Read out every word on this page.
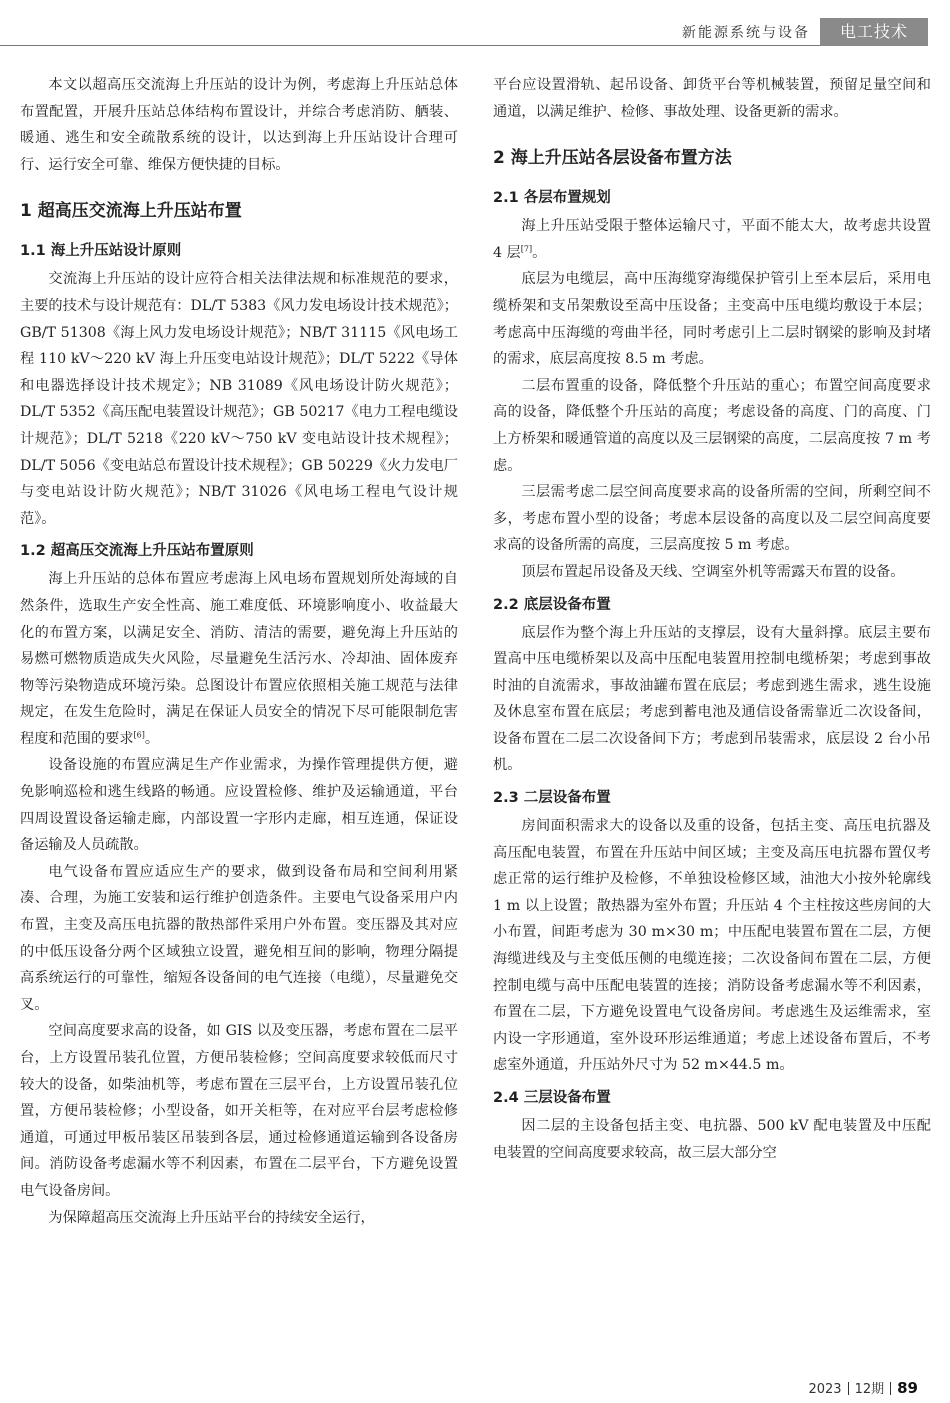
新能源系统与设备	电工技术

本文以超高压交流海上升压站的设计为例，考虑海上升压站总体布置配置，开展升压站总体结构布置设计，并综合考虑消防、舾装、暖通、逃生和安全疏散系统的设计，以达到海上升压站设计合理可行、运行安全可靠、维保方便快捷的目标。

1 超高压交流海上升压站布置
1.1 海上升压站设计原则

交流海上升压站的设计应符合相关法律法规和标准规范的要求，主要的技术与设计规范有：DL/T 5383《风力发电场设计技术规范》；GB/T 51308《海上风力发电场设计规范》；NB/T 31115《风电场工程 110 kV～220 kV 海上升压变电站设计规范》；DL/T 5222《导体和电器选择设计技术规定》；NB 31089《风电场设计防火规范》；DL/T 5352《高压配电装置设计规范》；GB 50217《电力工程电缆设计规范》；DL/T 5218《220 kV～750 kV 变电站设计技术规程》；DL/T 5056《变电站总布置设计技术规程》；GB 50229《火力发电厂与变电站设计防火规范》；NB/T 31026《风电场工程电气设计规范》。

1.2 超高压交流海上升压站布置原则

海上升压站的总体布置应考虑海上风电场布置规划所处海域的自然条件，选取生产安全性高、施工难度低、环境影响度小、收益最大化的布置方案，以满足安全、消防、清洁的需要，避免海上升压站的易燃可燃物质造成失火风险，尽量避免生活污水、冷却油、固体废弃物等污染物造成环境污染。总图设计布置应依照相关施工规范与法律规定，在发生危险时，满足在保证人员安全的情况下尽可能限制危害程度和范围的要求[6]。

设备设施的布置应满足生产作业需求，为操作管理提供方便，避免影响巡检和逃生线路的畅通。应设置检修、维护及运输通道，平台四周设置设备运输走廊，内部设置一字形内走廊，相互连通，保证设备运输及人员疏散。

电气设备布置应适应生产的要求，做到设备布局和空间利用紧凑、合理，为施工安装和运行维护创造条件。主要电气设备采用户内布置，主变及高压电抗器的散热部件采用户外布置。变压器及其对应的中低压设备分两个区域独立设置，避免相互间的影响，物理分隔提高系统运行的可靠性，缩短各设备间的电气连接（电缆），尽量避免交叉。

空间高度要求高的设备，如 GIS 以及变压器，考虑布置在二层平台，上方设置吊装孔位置，方便吊装检修；空间高度要求较低而尺寸较大的设备，如柴油机等，考虑布置在三层平台，上方设置吊装孔位置，方便吊装检修；小型设备，如开关柜等，在对应平台层考虑检修通道，可通过甲板吊装区吊装到各层，通过检修通道运输到各设备房间。消防设备考虑漏水等不利因素，布置在二层平台，下方避免设置电气设备房间。

为保障超高压交流海上升压站平台的持续安全运行，

平台应设置滑轨、起吊设备、卸货平台等机械装置，预留足量空间和通道，以满足维护、检修、事故处理、设备更新的需求。

2 海上升压站各层设备布置方法
2.1 各层布置规划

海上升压站受限于整体运输尺寸，平面不能太大，故考虑共设置 4 层[7]。

底层为电缆层，高中压海缆穿海缆保护管引上至本层后，采用电缆桥架和支吊架敷设至高中压设备；主变高中压电缆均敷设于本层；考虑高中压海缆的弯曲半径，同时考虑引上二层时钢梁的影响及封堵的需求，底层高度按 8.5 m 考虑。

二层布置重的设备，降低整个升压站的重心；布置空间高度要求高的设备，降低整个升压站的高度；考虑设备的高度、门的高度、门上方桥架和暖通管道的高度以及三层钢梁的高度，二层高度按 7 m 考虑。

三层需考虑二层空间高度要求高的设备所需的空间，所剩空间不多，考虑布置小型的设备；考虑本层设备的高度以及二层空间高度要求高的设备所需的高度，三层高度按 5 m 考虑。

顶层布置起吊设备及天线、空调室外机等需露天布置的设备。

2.2 底层设备布置

底层作为整个海上升压站的支撑层，设有大量斜撑。底层主要布置高中压电缆桥架以及高中压配电装置用控制电缆桥架；考虑到事故时油的自流需求，事故油罐布置在底层；考虑到逃生需求，逃生设施及休息室布置在底层；考虑到蓄电池及通信设备需靠近二次设备间，设备布置在二层二次设备间下方；考虑到吊装需求，底层设 2 台小吊机。

2.3 二层设备布置

房间面积需求大的设备以及重的设备，包括主变、高压电抗器及高压配电装置，布置在升压站中间区域；主变及高压电抗器布置仅考虑正常的运行维护及检修，不单独设检修区域，油池大小按外轮廓线 1 m 以上设置；散热器为室外布置；升压站 4 个主柱按这些房间的大小布置，间距考虑为 30 m×30 m；中压配电装置布置在二层，方便海缆进线及与主变低压侧的电缆连接；二次设备间布置在二层，方便控制电缆与高中压配电装置的连接；消防设备考虑漏水等不利因素，布置在二层，下方避免设置电气设备房间。考虑逃生及运维需求，室内设一字形通道，室外设环形运维通道；考虑上述设备布置后，不考虑室外通道，升压站外尺寸为 52 m×44.5 m。

2.4 三层设备布置

因二层的主设备包括主变、电抗器、500 kV 配电装置及中压配电装置的空间高度要求较高，故三层大部分空

2023 12期 89
